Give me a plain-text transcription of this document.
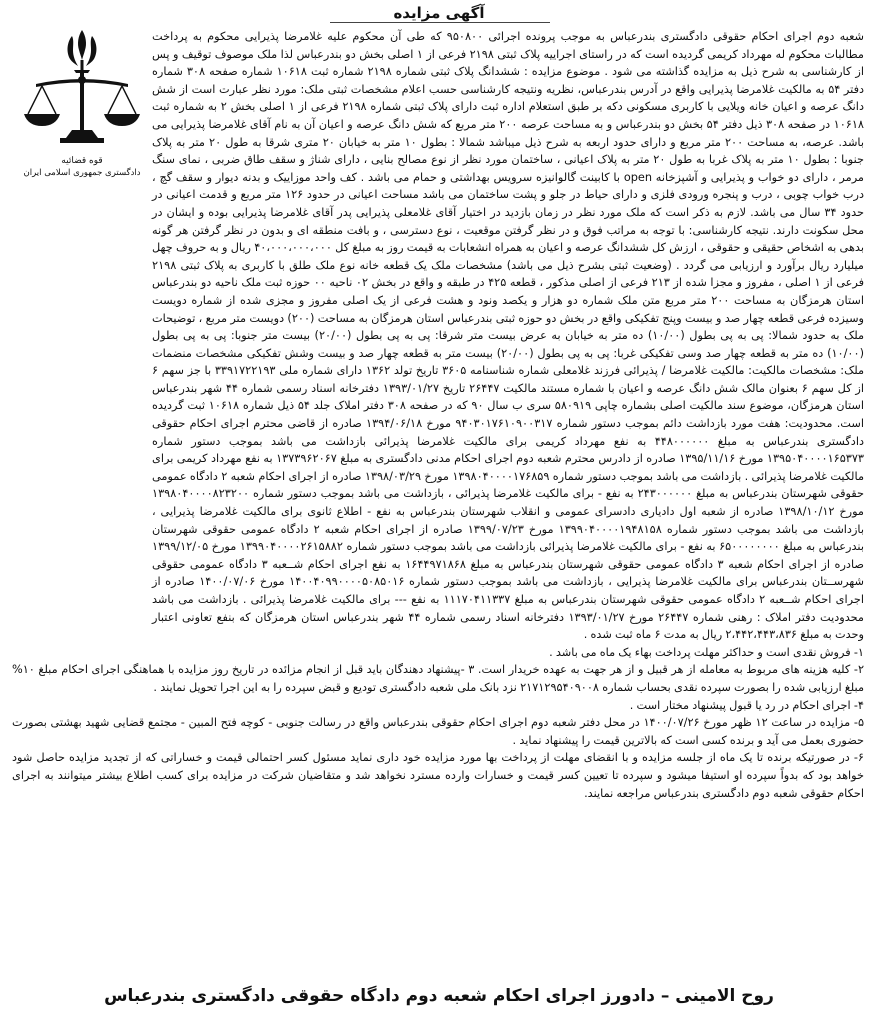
آگهی مزایده
قوه قضائیه
دادگستری جمهوری اسلامی ایران

شعبه دوم اجرای احکام حقوقی دادگستری بندرعباس به موجب پرونده اجرائی ۹۵۰۸۰۰ که طی آن محکوم علیه غلامرضا پذیرایی محکوم به پرداخت مطالبات محکوم له مهرداد کریمی گردیده است که در راستای اجراییه پلاک ثبتی ۲۱۹۸ فرعی از ۱ اصلی بخش دو بندرعباس لذا ملک موصوف توقیف و پس از کارشناسی به شرح ذیل به مزایده گذاشته می شود . موضوع مزایده : ششدانگ پلاک ثبتی شماره ۲۱۹۸ شماره ثبت ۱۰۶۱۸ شماره صفحه ۳۰۸ شماره دفتر ۵۴ به مالکیت غلامرضا پذیرایی واقع در آدرس بندرعباس، نظریه ونتیجه کارشناسی حسب اعلام مشخصات ثبتی ملک: مورد نظر عبارت است از شش دانگ عرصه و اعیان خانه ویلایی با کاربری مسکونی دکه بر طبق استعلام اداره ثبت دارای پلاک ثبتی شماره ۲۱۹۸ فرعی از ۱ اصلی بخش ۲ به شماره ثبت ۱۰۶۱۸ در صفحه ۳۰۸ ذیل دفتر ۵۴ بخش دو بندرعباس و به مساحت عرصه ۲۰۰ متر مربع که شش دانگ عرصه و اعیان آن به نام آقای غلامرضا پذیرایی می باشد. عرصه، به مساحت ۲۰۰ متر مربع و دارای حدود اربعه به شرح ذیل میباشد شمالا : بطول ۱۰ متر به خیابان ۲۰ متری شرقا به طول ۲۰ متر به پلاک جنوبا : بطول ۱۰ متر به پلاک غربا به طول ۲۰ متر به پلاک اعیانی ، ساختمان مورد نظر از نوع مصالح بنایی ، دارای شناژ و سقف طاق ضربی ، نمای سنگ مرمر ، دارای دو خواب و پذیرایی و آشپزخانه open با کابینت گالوانیزه سرویس بهداشتی و حمام می باشد . کف واحد موزاییک و بدنه دیوار و سقف گچ ، درب خواب چوبی ، درب و پنجره ورودی فلزی و دارای حیاط در جلو و پشت ساختمان می باشد مساحت اعیانی در حدود ۱۲۶ متر مربع و قدمت اعیانی در حدود ۳۴ سال می باشد. لازم به ذکر است که ملک مورد نظر در زمان بازدید در اختیار آقای غلامعلی پذیرایی پدر آقای غلامرضا پذیرایی بوده و ایشان در محل سکونت دارند. نتیجه کارشناسی: با توجه به مراتب فوق و در نظر گرفتن موقعیت ، نوع دسترسی ، و بافت منطقه ای و بدون در نظر گرفتن هر گونه بدهی به اشخاص حقیقی و حقوقی ، ارزش کل ششدانگ عرصه و اعیان به همراه انشعابات به قیمت روز به مبلغ کل ۴۰،۰۰۰،۰۰۰،۰۰۰ ریال و به حروف چهل میلیارد ریال برآورد و ارزیابی می گردد . (وضعیت ثبتی بشرح ذیل می باشد) مشخصات ملک یک قطعه خانه نوع ملک طلق با کاربری به پلاک ثبتی ۲۱۹۸ فرعی از ۱ اصلی ، مفروز و مجزا شده از ۲۱۳ فرعی از اصلی مذکور ، قطعه ۴۲۵ در طبقه و واقع در بخش ۰۲ ناحیه ۰۰ حوزه ثبت ملک ناحیه دو بندرعباس استان هرمزگان به مساحت ۲۰۰ متر مربع متن ملک شماره دو هزار و یکصد ونود و هشت فرعی از یک اصلی مفروز و مجزی شده از شماره دویست وسیزده فرعی قطعه چهار صد و بیست وپنج تفکیکی واقع در بخش دو حوزه ثبتی بندرعباس استان هرمزگان به مساحت (۲۰۰) دویست متر مربع ، توضیحات ملک به حدود شمالا: پی به پی بطول (۱۰/۰۰) ده متر به خیابان به عرض بیست متر شرقا: پی به پی بطول (۲۰/۰۰) بیست متر جنوبا: پی به پی بطول (۱۰/۰۰) ده متر به قطعه چهار صد وسی تفکیکی غربا: پی به پی بطول (۲۰/۰۰) بیست متر به قطعه چهار صد و بیست وشش تفکیکی مشخصات منضمات ملک: مشخصات مالکیت: مالکیت غلامرضا / پذیرائی فرزند غلامعلی شماره شناسنامه ۳۶۰۵ تاریخ تولد ۱۳۶۲ دارای شماره ملی ۳۳۹۱۷۲۲۱۹۳ با جز سهم ۶ از کل سهم ۶ بعنوان مالک شش دانگ عرصه و اعیان با شماره مستند مالکیت ۲۶۴۴۷ تاریخ ۱۳۹۳/۰۱/۲۷ دفترخانه اسناد رسمی شماره ۴۴ شهر بندرعباس استان هرمزگان، موضوع سند مالکیت اصلی بشماره چاپی ۵۸۰۹۱۹ سری ب سال ۹۰ که در صفحه ۳۰۸ دفتر املاک جلد ۵۴ ذیل شماره ۱۰۶۱۸ ثبت گردیده است. محدودیت: هفت مورد بازداشت دائم بموجب دستور شماره ۹۴۰۳۰۱۷۶۱۰۹۰۰۳۱۷ مورخ ۱۳۹۴/۰۶/۱۸ صادره از قاضی محترم اجرای احکام حقوقی دادگستری بندرعباس به مبلغ ۴۴۸۰۰۰۰۰۰ به نفع مهرداد کریمی برای مالکیت غلامرضا پذیرائی بازداشت می باشد بموجب دستور شماره ۱۳۹۵۰۴۰۰۰۰۱۶۵۳۷۳ مورخ ۱۳۹۵/۱۱/۱۶ صادره از دادرس محترم شعبه دوم اجرای احکام مدنی دادگستری به مبلغ ۱۳۷۳۹۶۲۰۶۷ به نفع مهرداد کریمی برای مالکیت غلامرضا پذیرائی . بازداشت می باشد بموجب دستور شماره ۱۳۹۸۰۴۰۰۰۰۱۷۶۸۵۹ مورخ ۱۳۹۸/۰۳/۲۹ صادره از اجرای احکام شعبه ۲ دادگاه عمومی حقوقی شهرستان بندرعباس به مبلغ ۲۴۳۰۰۰۰۰۰ به نفع - برای مالکیت غلامرضا پذیرائی ، بازداشت می باشد بموجب دستور شماره ۱۳۹۸۰۴۰۰۰۰۸۲۳۲۰۰ مورخ ۱۳۹۸/۱۰/۱۲ صادره از شعبه اول دادیاری دادسرای عمومی و انقلاب شهرستان بندرعباس به نفع - اطلاع ثانوی برای مالکیت غلامرضا پذیرایی ، بازداشت می باشد بموجب دستور شماره ۱۳۹۹۰۴۰۰۰۰۱۹۴۸۱۵۸ مورخ ۱۳۹۹/۰۷/۲۳ صادره از اجرای احکام شعبه ۲ دادگاه عمومی حقوقی شهرستان بندرعباس به مبلغ ۶۵۰۰۰۰۰۰۰۰ به نفع - برای مالکیت غلامرضا پذیرائی بازداشت می باشد بموجب دستور شماره ۱۳۹۹۰۴۰۰۰۰۲۶۱۵۸۸۲ مورخ ۱۳۹۹/۱۲/۰۵ صادره از اجرای احکام شعبه ۳ دادگاه عمومی حقوقی شهرستان بندرعباس به مبلغ ۱۶۴۴۹۷۱۸۶۸ به نفع اجرای احکام شــعبه ۳ دادگاه عمومی حقوقی شهرســتان بندرعباس برای مالکیت غلامرضا پذیرایی ، بازداشت می باشد بموجب دستور شماره ۱۴۰۰۴۰۹۹۰۰۰۰۵۰۸۵۰۱۶ مورخ ۱۴۰۰/۰۷/۰۶ صادره از اجرای احکام شــعبه ۲ دادگاه عمومی حقوقی شهرستان بندرعباس به مبلغ ۱۱۱۷۰۴۱۱۳۳۷ به نفع --- برای مالکیت غلامرضا پذیرائی . بازداشت می باشد محدودیت دفتر املاک : رهنی شماره ۲۶۴۴۷ مورخ ۱۳۹۳/۰۱/۲۷ دفترخانه اسناد رسمی شماره ۴۴ شهر بندرعباس استان هرمزگان که بنفع تعاونی اعتبار وحدت به مبلغ ۲،۴۴۲،۴۴۳،۸۳۶ ریال به مدت ۶ ماه ثبت شده .

۱- فروش نقدی است و حداکثر مهلت پرداخت بهاء یک ماه می باشد .

۲- کلیه هزینه های مربوط به معامله از هر قبیل و از هر جهت به عهده خریدار است. ۳ -پیشنهاد دهندگان باید قبل از انجام مزائده در تاریخ روز مزایده با هماهنگی اجرای احکام مبلغ ۱۰% مبلغ ارزیابی شده را بصورت سپرده نقدی بحساب شماره ۲۱۷۱۲۹۵۴۰۹۰۰۸ نزد بانک ملی شعبه دادگستری تودیع و قبض سپرده را به این اجرا تحویل نمایند .

۴- اجرای احکام در رد یا قبول پیشنهاد مختار است .

۵- مزایده در ساعت ۱۲ ظهر مورخ ۱۴۰۰/۰۷/۲۶ در محل دفتر شعبه دوم اجرای احکام حقوقی بندرعباس واقع در رسالت جنوبی - کوچه فتح المبین - مجتمع قضایی شهید بهشتی بصورت حضوری بعمل می آید و برنده کسی است که بالاترین قیمت را پیشنهاد نماید .

۶- در صورتیکه برنده تا یک ماه از جلسه مزایده و با انقضای مهلت از پرداخت بها مورد مزایده خود داری نماید مسئول کسر احتمالی قیمت و خساراتی که از تجدید مزایده حاصل شود خواهد بود که بدواً سپرده او استیفا میشود و سپرده تا تعیین کسر قیمت و خسارات وارده مسترد نخواهد شد و متقاضیان شرکت در مزایده برای کسب اطلاع بیشتر میتوانند به اجرای احکام حقوقی شعبه دوم دادگستری بندرعباس مراجعه نمایند.

روح الامینی – دادورز اجرای احکام شعبه دوم دادگاه حقوقی دادگستری بندرعباس
